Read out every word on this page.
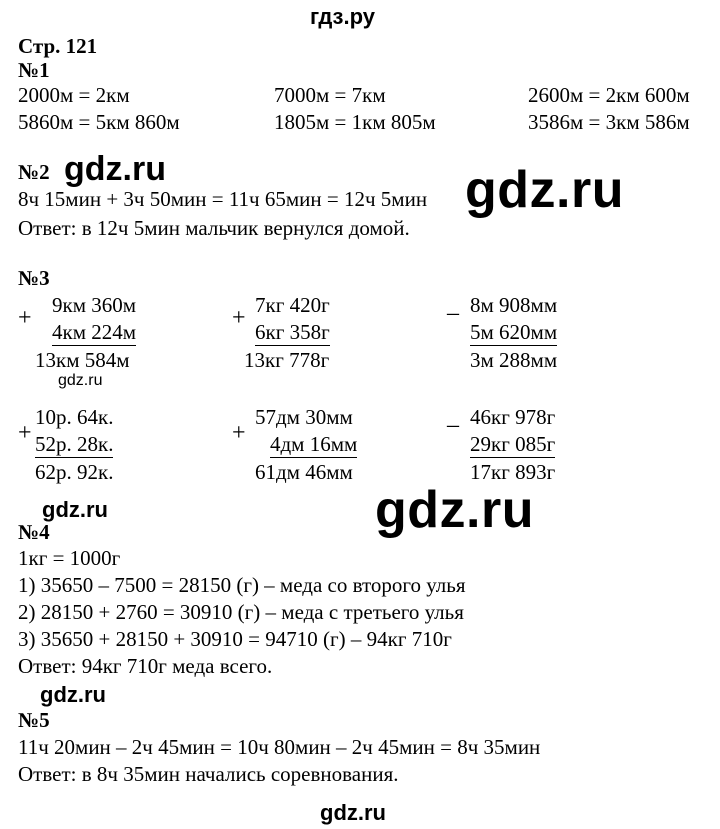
гдз.ру
Стр. 121
№1
2000м = 2км	7000м = 7км	2600м = 2км 600м
5860м = 5км 860м	1805м = 1км 805м	3586м = 3км 586м
№2 gdz.ru
8ч 15мин + 3ч 50мин = 11ч 65мин = 12ч 5мин gdz.ru
Ответ: в 12ч 5мин мальчик вернулся домой.
№3
+ 9км 360м
4км 224м
13км 584м
gdz.ru
+ 7кг 420г
6кг 358г
13кг 778г
– 8м 908мм
5м 620мм
3м 288мм
+
10р. 64к.
52р. 28к.
62р. 92к.
+
57дм 30мм
4дм 16мм
61дм 46мм
– 46кг 978г
29кг 085г
17кг 893г
gdz.ru	gdz.ru
№4
1кг = 1000г
1) 35650 – 7500 = 28150 (г) – меда со второго улья
2) 28150 + 2760 = 30910 (г) – меда с третьего улья
3) 35650 + 28150 + 30910 = 94710 (г) – 94кг 710г
Ответ: 94кг 710г меда всего.
gdz.ru
№5
11ч 20мин – 2ч 45мин = 10ч 80мин – 2ч 45мин = 8ч 35мин
Ответ: в 8ч 35мин начались соревнования.
gdz.ru
